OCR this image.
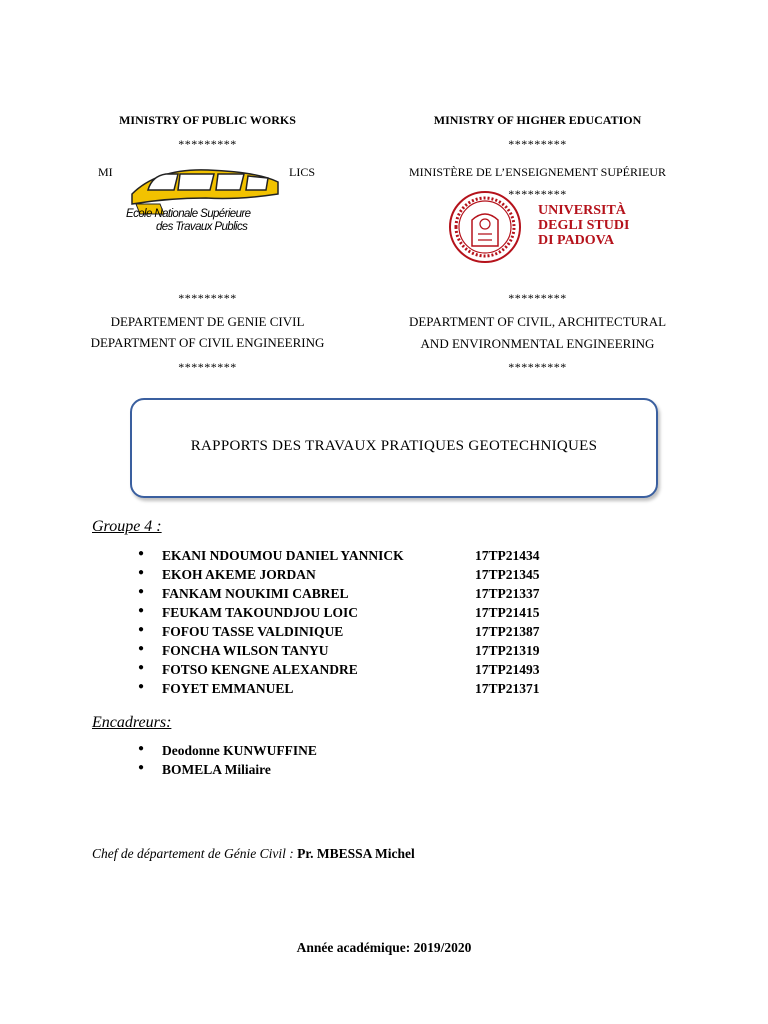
MINISTRY OF PUBLIC WORKS
*********
MI	LICS
Ecole Nationale Supérieure
des Travaux Publics
*********
DEPARTEMENT DE GENIE CIVIL
DEPARTMENT OF CIVIL ENGINEERING
*********
MINISTRY OF HIGHER EDUCATION
*********
MINISTÈRE DE L’ENSEIGNEMENT SUPÉRIEUR
*********
UNIVERSITÀ
DEGLI STUDI
DI PADOVA
*********
DEPARTMENT OF CIVIL, ARCHITECTURAL
AND ENVIRONMENTAL ENGINEERING
*********
RAPPORTS DES TRAVAUX PRATIQUES GEOTECHNIQUES
Groupe 4 :
● EKANI NDOUMOU DANIEL YANNICK	17TP21434
● EKOH AKEME JORDAN	17TP21345
● FANKAM NOUKIMI CABREL	17TP21337
● FEUKAM TAKOUNDJOU LOIC	17TP21415
● FOFOU TASSE VALDINIQUE	17TP21387
● FONCHA WILSON TANYU	17TP21319
● FOTSO KENGNE ALEXANDRE	17TP21493
● FOYET EMMANUEL	17TP21371
Encadreurs:
● Deodonne KUNWUFFINE
● BOMELA Miliaire
Chef de département de Génie Civil : Pr. MBESSA Michel
Année académique: 2019/2020
